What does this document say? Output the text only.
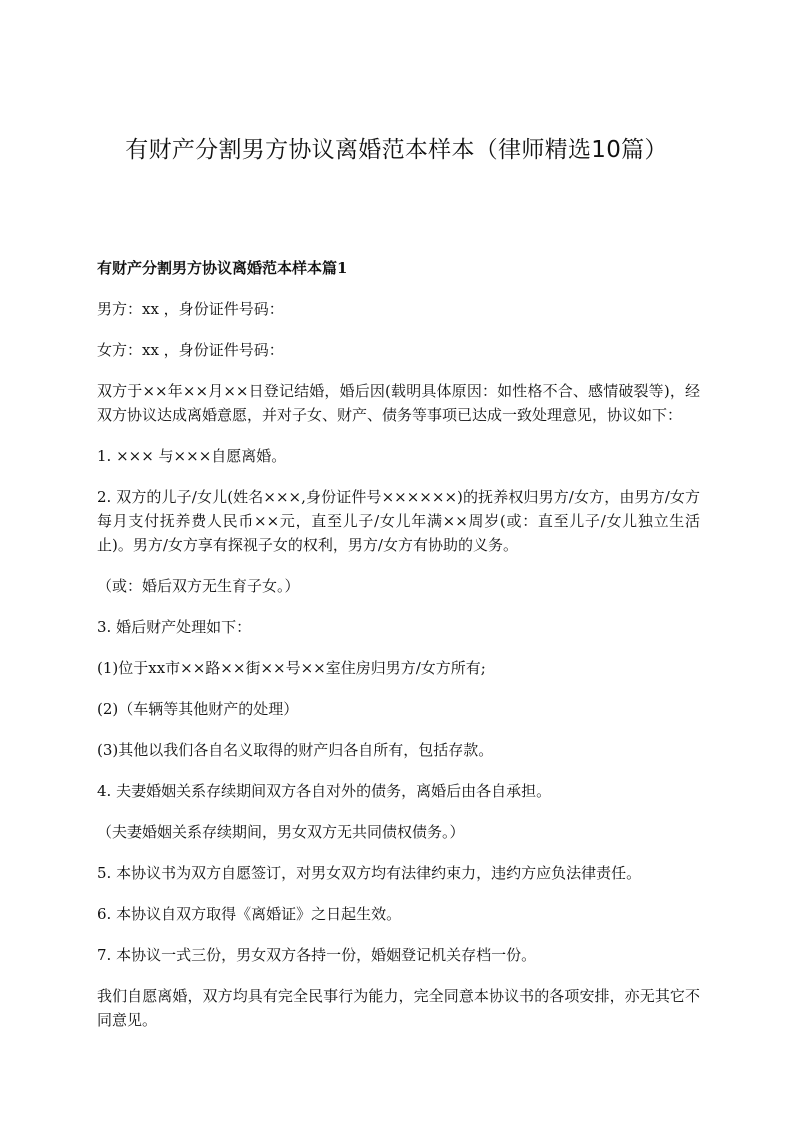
有财产分割男方协议离婚范本样本（律师精选10篇）
有财产分割男方协议离婚范本样本篇1
男方：xx ，身份证件号码：
女方：xx ，身份证件号码：
双方于××年××月××日登记结婚，婚后因(载明具体原因：如性格不合、感情破裂等)，经双方协议达成离婚意愿，并对子女、财产、债务等事项已达成一致处理意见，协议如下：
1. ××× 与×××自愿离婚。
2. 双方的儿子/女儿(姓名×××,身份证件号××××××)的抚养权归男方/女方，由男方/女方每月支付抚养费人民币××元，直至儿子/女儿年满××周岁(或：直至儿子/女儿独立生活止)。男方/女方享有探视子女的权利，男方/女方有协助的义务。
（或：婚后双方无生育子女。）
3. 婚后财产处理如下：
(1)位于xx市××路××街××号××室住房归男方/女方所有;
(2)（车辆等其他财产的处理）
(3)其他以我们各自名义取得的财产归各自所有，包括存款。
4. 夫妻婚姻关系存续期间双方各自对外的债务，离婚后由各自承担。
（夫妻婚姻关系存续期间，男女双方无共同债权债务。）
5. 本协议书为双方自愿签订，对男女双方均有法律约束力，违约方应负法律责任。
6. 本协议自双方取得《离婚证》之日起生效。
7. 本协议一式三份，男女双方各持一份，婚姻登记机关存档一份。
我们自愿离婚，双方均具有完全民事行为能力，完全同意本协议书的各项安排，亦无其它不同意见。
